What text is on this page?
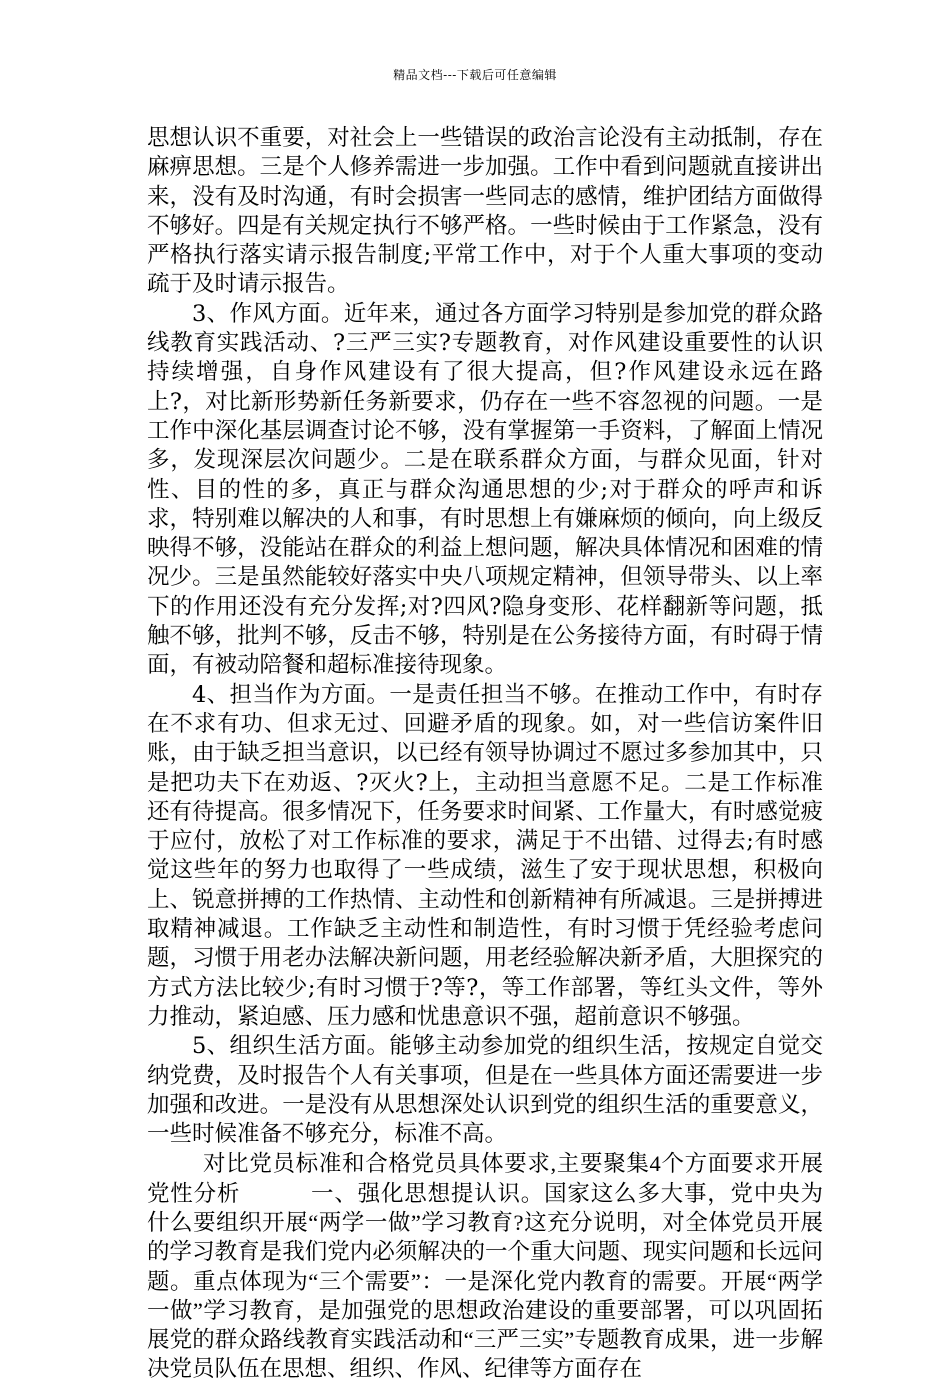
精品文档---下载后可任意编辑

思想认识不重要，对社会上一些错误的政治言论没有主动抵制，存在麻痹思想。三是个人修养需进一步加强。工作中看到问题就直接讲出来，没有及时沟通，有时会损害一些同志的感情，维护团结方面做得不够好。四是有关规定执行不够严格。一些时候由于工作紧急，没有严格执行落实请示报告制度;平常工作中，对于个人重大事项的变动疏于及时请示报告。

3、作风方面。近年来，通过各方面学习特别是参加党的群众路线教育实践活动、?三严三实?专题教育，对作风建设重要性的认识持续增强，自身作风建设有了很大提高，但?作风建设永远在路上?，对比新形势新任务新要求，仍存在一些不容忽视的问题。一是工作中深化基层调查讨论不够，没有掌握第一手资料，了解面上情况多，发现深层次问题少。二是在联系群众方面，与群众见面，针对性、目的性的多，真正与群众沟通思想的少;对于群众的呼声和诉求，特别难以解决的人和事，有时思想上有嫌麻烦的倾向，向上级反映得不够，没能站在群众的利益上想问题，解决具体情况和困难的情况少。三是虽然能较好落实中央八项规定精神，但领导带头、以上率下的作用还没有充分发挥;对?四风?隐身变形、花样翻新等问题，抵触不够，批判不够，反击不够，特别是在公务接待方面，有时碍于情面，有被动陪餐和超标准接待现象。

4、担当作为方面。一是责任担当不够。在推动工作中，有时存在不求有功、但求无过、回避矛盾的现象。如，对一些信访案件旧账，由于缺乏担当意识，以已经有领导协调过不愿过多参加其中，只是把功夫下在劝返、?灭火?上，主动担当意愿不足。二是工作标准还有待提高。很多情况下，任务要求时间紧、工作量大，有时感觉疲于应付，放松了对工作标准的要求，满足于不出错、过得去;有时感觉这些年的努力也取得了一些成绩，滋生了安于现状思想，积极向上、锐意拼搏的工作热情、主动性和创新精神有所减退。三是拼搏进取精神减退。工作缺乏主动性和制造性，有时习惯于凭经验考虑问题，习惯于用老办法解决新问题，用老经验解决新矛盾，大胆探究的方式方法比较少;有时习惯于?等?，等工作部署，等红头文件，等外力推动，紧迫感、压力感和忧患意识不强，超前意识不够强。

5、组织生活方面。能够主动参加党的组织生活，按规定自觉交纳党费，及时报告个人有关事项，但是在一些具体方面还需要进一步加强和改进。一是没有从思想深处认识到党的组织生活的重要意义，一些时候准备不够充分，标准不高。

对比党员标准和合格党员具体要求,主要聚集4个方面要求开展党性分析	一、强化思想提认识。国家这么多大事，党中央为什么要组织开展“两学一做”学习教育?这充分说明，对全体党员开展的学习教育是我们党内必须解决的一个重大问题、现实问题和长远问题。重点体现为“三个需要”：一是深化党内教育的需要。开展“两学一做”学习教育，是加强党的思想政治建设的重要部署，可以巩固拓展党的群众路线教育实践活动和“三严三实”专题教育成果，进一步解决党员队伍在思想、组织、作风、纪律等方面存在
